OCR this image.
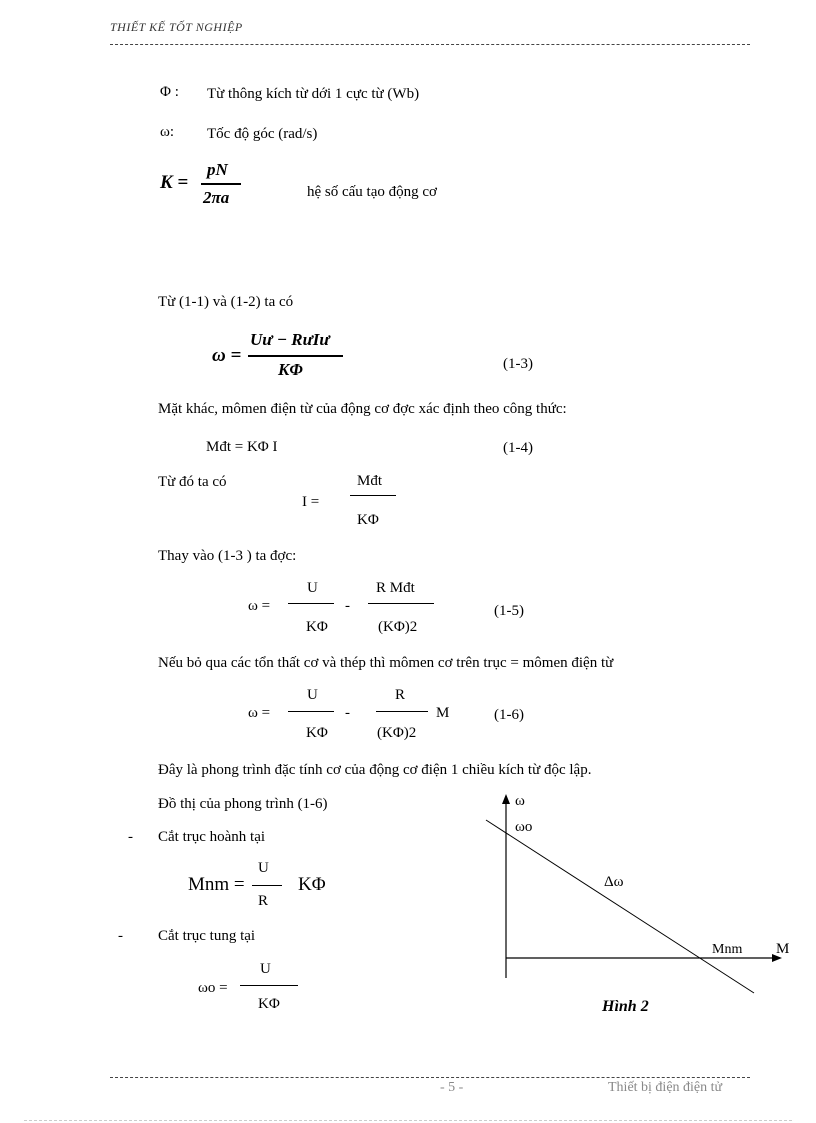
THIẾT KẾ TỐT NGHIỆP
Φ : Từ thông kích từ dới 1 cực từ (Wb)
ω: Tốc độ góc (rad/s)
K =
pN
2πa	hệ số cấu tạo động cơ
Từ (1-1) và (1-2) ta có
ω =
Uư − RưIư
KΦ	(1-3)
Mặt khác, mômen điện từ của động cơ đợc xác định theo công thức:
Mđt = KΦ I	(1-4)
Từ đó ta có
I =
Mđt
KΦ
Thay vào (1-3 ) ta đợc:
ω =
U
KΦ
-
R Mđt
(KΦ)2
(1-5)
Nếu bỏ qua các tổn thất cơ và thép thì mômen cơ trên trục = mômen điện từ
ω =
U
KΦ
-
R
(KΦ)2
M	(1-6)
Đây là phong trình đặc tính cơ của động cơ điện 1 chiều kích từ độc lập.
Đồ thị của phong trình (1-6)
- Cắt trục hoành tại
Mnm =
U
R
KΦ
- Cắt trục tung tại
ωo =
U
KΦ
ω
ωo
Δω
Mnm M
Hình 2
- 5 -	Thiết bị điện điện tử
